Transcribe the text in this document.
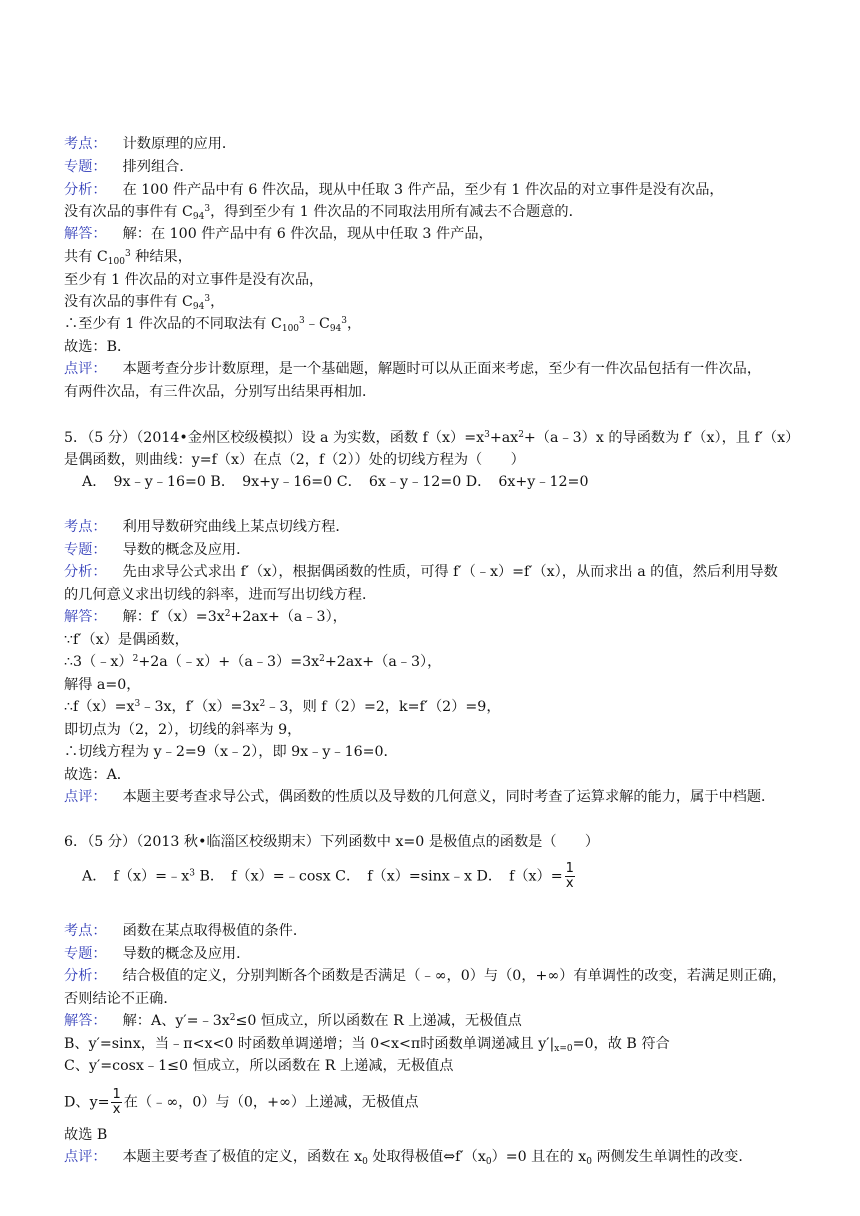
考点： 计数原理的应用．
专题： 排列组合．
分析： 在 100 件产品中有 6 件次品，现从中任取 3 件产品，至少有 1 件次品的对立事件是没有次品，
没有次品的事件有 $C_{94}^3$，得到至少有 1 件次品的不同取法用所有减去不合题意的．
解答： 解：在 100 件产品中有 6 件次品，现从中任取 3 件产品，
共有 $C_{100}^3$ 种结果，
至少有 1 件次品的对立事件是没有次品，
没有次品的事件有 $C_{94}^3$，
∴至少有 1 件次品的不同取法有 $C_{100}^3﹣C_{94}^3$，
故选：B．
点评： 本题考查分步计数原理，是一个基础题，解题时可以从正面来考虑，至少有一件次品包括有一件次品，
有两件次品，有三件次品，分别写出结果再相加．
5．（5 分）（2014•金州区校级模拟）设 a 为实数，函数 $f(x)=x^3+ax^2+(a﹣3)x$ 的导函数为 f′（x），且 f′（x）
是偶函数，则曲线：y=f（x）在点（2，f（2））处的切线方程为（　　）
A．　9x﹣y﹣16=0 B．　9x+y﹣16=0 C．　6x﹣y﹣12=0 D．　6x+y﹣12=0
考点： 利用导数研究曲线上某点切线方程．
专题： 导数的概念及应用．
分析： 先由求导公式求出 f′（x），根据偶函数的性质，可得 f′（﹣x）=f′（x），从而求出 a 的值，然后利用导数
的几何意义求出切线的斜率，进而写出切线方程．
解答： 解：$f'(x)=3x^2+2ax+(a﹣3)$，
∵f′（x）是偶函数，
$\therefore 3(﹣x)^2+2a(﹣x)+(a﹣3)=3x^2+2ax+(a﹣3)$，
解得 a=0，
$\therefore f(x)=x^3﹣3x$，$f'(x)=3x^2﹣3$，则 f（2）=2，k=f′（2）=9，
即切点为（2，2），切线的斜率为 9，
∴切线方程为 y﹣2=9（x﹣2），即 9x﹣y﹣16=0．
故选：A．
点评： 本题主要考查求导公式，偶函数的性质以及导数的几何意义，同时考查了运算求解的能力，属于中档题．
6．（5 分）（2013 秋•临淄区校级期末）下列函数中 x=0 是极值点的函数是（　　）
A．　$f(x)=﹣x^3$ B．　f（x）=﹣cosx C．　f（x）=sinx﹣x D．　$f(x)= \frac{1}{x}$
考点： 函数在某点取得极值的条件．
专题： 导数的概念及应用．
分析： 结合极值的定义，分别判断各个函数是否满足（﹣∞，0）与（0，+∞）有单调性的改变，若满足则正确，
否则结论不正确．
解答： 解：A、$y'=﹣3x^2\le 0$ 恒成立，所以函数在 R 上递减，无极值点
B、y′=sinx，当﹣π<x<0 时函数单调递增；当 0<x<π时函数单调递减且 $y'|_{x=0}=0$，故 B 符合
C、y′=cosx﹣1≤0 恒成立，所以函数在 R 上递减，无极值点
D、$y= \frac{1}{x}$ 在（﹣∞，0）与（0，+∞）上递减，无极值点
故选 B
点评： 本题主要考查了极值的定义，函数在 $x_0$ 处取得极值$\Leftrightarrow f'(x_0)=0$ 且在的 $x_0$ 两侧发生单调性的改变．
